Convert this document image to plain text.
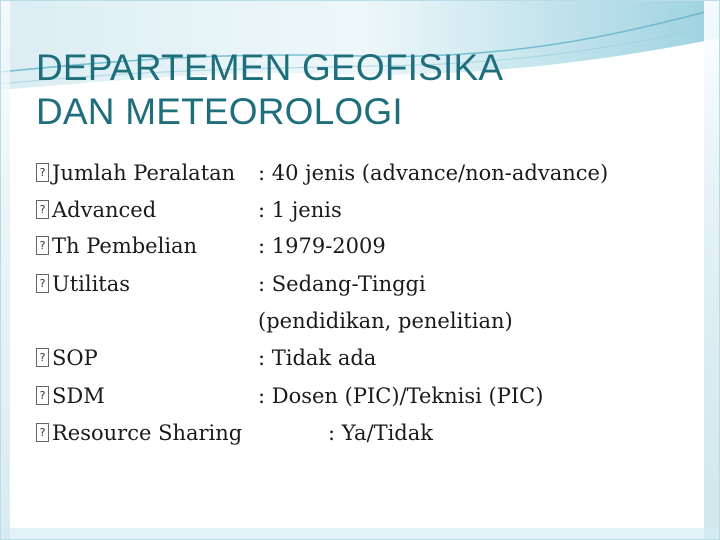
DEPARTEMEN GEOFISIKA
DAN METEOROLOGI
? Jumlah Peralatan : 40 jenis (advance/non-advance)
? Advanced	: 1 jenis
? Th Pembelian	: 1979-2009
? Utilitas	: Sedang-Tinggi
(pendidikan, penelitian)
? SOP	: Tidak ada
? SDM	: Dosen (PIC)/Teknisi (PIC)
? Resource Sharing	: Ya/Tidak
